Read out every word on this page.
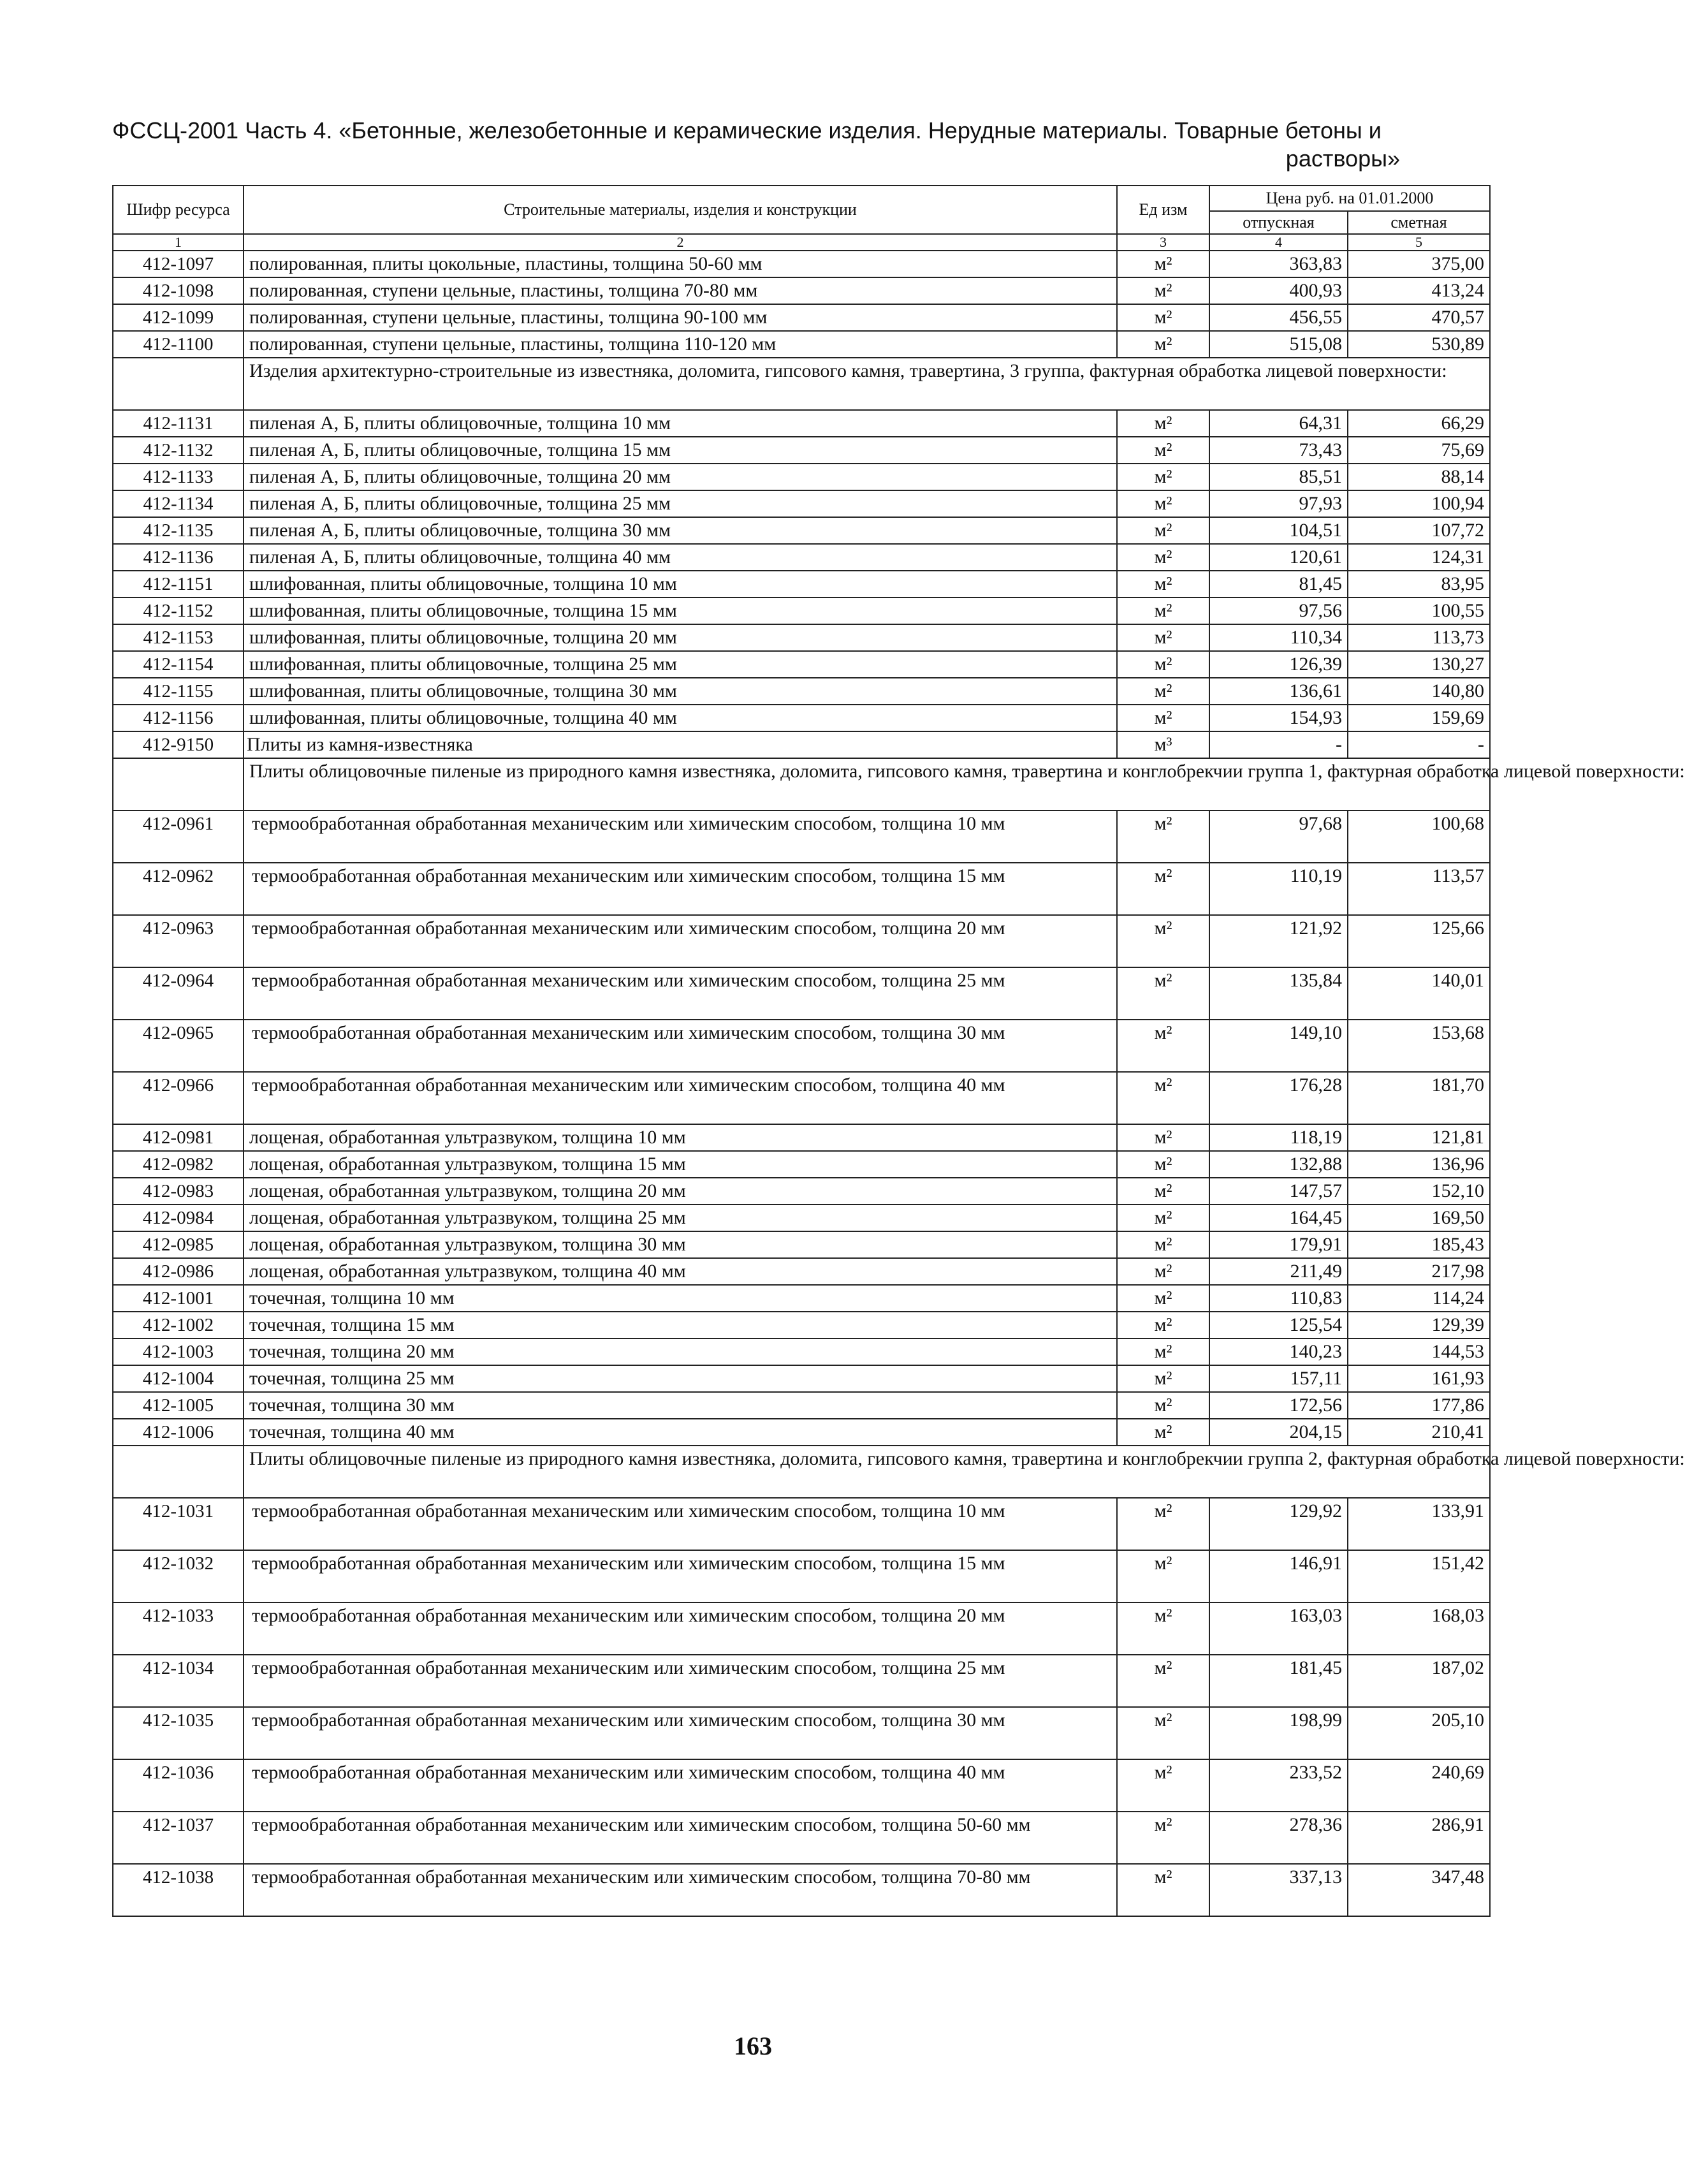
ФССЦ-2001 Часть 4. «Бетонные, железобетонные и керамические изделия. Нерудные материалы. Товарные бетоны и
растворы»
Шифр ресурса	Строительные материалы, изделия и конструкции	Ед изм	Цена руб. на 01.01.2000	
			отпускная	сметная
1	2	3	4	5
412-1097	полированная, плиты цокольные, пластины, толщина 50-60 мм	м²	363,83	375,00
412-1098	полированная, ступени цельные, пластины, толщина 70-80 мм	м²	400,93	413,24
412-1099	полированная, ступени цельные, пластины, толщина 90-100 мм	м²	456,55	470,57
412-1100	полированная, ступени цельные, пластины, толщина 110-120 мм	м²	515,08	530,89
	Изделия архитектурно-строительные из известняка, доломита, гипсового камня, травертина, 3 группа, фактурная обработка лицевой поверхности:			
412-1131	пиленая А, Б, плиты облицовочные, толщина 10 мм	м²	64,31	66,29
412-1132	пиленая А, Б, плиты облицовочные, толщина 15 мм	м²	73,43	75,69
412-1133	пиленая А, Б, плиты облицовочные, толщина 20 мм	м²	85,51	88,14
412-1134	пиленая А, Б, плиты облицовочные, толщина 25 мм	м²	97,93	100,94
412-1135	пиленая А, Б, плиты облицовочные, толщина 30 мм	м²	104,51	107,72
412-1136	пиленая А, Б, плиты облицовочные, толщина 40 мм	м²	120,61	124,31
412-1151	шлифованная, плиты облицовочные, толщина 10 мм	м²	81,45	83,95
412-1152	шлифованная, плиты облицовочные, толщина 15 мм	м²	97,56	100,55
412-1153	шлифованная, плиты облицовочные, толщина 20 мм	м²	110,34	113,73
412-1154	шлифованная, плиты облицовочные, толщина 25 мм	м²	126,39	130,27
412-1155	шлифованная, плиты облицовочные, толщина 30 мм	м²	136,61	140,80
412-1156	шлифованная, плиты облицовочные, толщина 40 мм	м²	154,93	159,69
412-9150	Плиты из камня-известняка	м³	-	-
	Плиты облицовочные пиленые из природного камня известняка, доломита, гипсового камня, травертина и конглобрекчии группа 1, фактурная обработка лицевой поверхности:			
412-0961	термообработанная обработанная механическим или химическим способом, толщина 10 мм	м²	97,68	100,68
412-0962	термообработанная обработанная механическим или химическим способом, толщина 15 мм	м²	110,19	113,57
412-0963	термообработанная обработанная механическим или химическим способом, толщина 20 мм	м²	121,92	125,66
412-0964	термообработанная обработанная механическим или химическим способом, толщина 25 мм	м²	135,84	140,01
412-0965	термообработанная обработанная механическим или химическим способом, толщина 30 мм	м²	149,10	153,68
412-0966	термообработанная обработанная механическим или химическим способом, толщина 40 мм	м²	176,28	181,70
412-0981	лощеная, обработанная ультразвуком, толщина 10 мм	м²	118,19	121,81
412-0982	лощеная, обработанная ультразвуком, толщина 15 мм	м²	132,88	136,96
412-0983	лощеная, обработанная ультразвуком, толщина 20 мм	м²	147,57	152,10
412-0984	лощеная, обработанная ультразвуком, толщина 25 мм	м²	164,45	169,50
412-0985	лощеная, обработанная ультразвуком, толщина 30 мм	м²	179,91	185,43
412-0986	лощеная, обработанная ультразвуком, толщина 40 мм	м²	211,49	217,98
412-1001	точечная, толщина 10 мм	м²	110,83	114,24
412-1002	точечная, толщина 15 мм	м²	125,54	129,39
412-1003	точечная, толщина 20 мм	м²	140,23	144,53
412-1004	точечная, толщина 25 мм	м²	157,11	161,93
412-1005	точечная, толщина 30 мм	м²	172,56	177,86
412-1006	точечная, толщина 40 мм	м²	204,15	210,41
	Плиты облицовочные пиленые из природного камня известняка, доломита, гипсового камня, травертина и конглобрекчии группа 2, фактурная обработка лицевой поверхности:			
412-1031	термообработанная обработанная механическим или химическим способом, толщина 10 мм	м²	129,92	133,91
412-1032	термообработанная обработанная механическим или химическим способом, толщина 15 мм	м²	146,91	151,42
412-1033	термообработанная обработанная механическим или химическим способом, толщина 20 мм	м²	163,03	168,03
412-1034	термообработанная обработанная механическим или химическим способом, толщина 25 мм	м²	181,45	187,02
412-1035	термообработанная обработанная механическим или химическим способом, толщина 30 мм	м²	198,99	205,10
412-1036	термообработанная обработанная механическим или химическим способом, толщина 40 мм	м²	233,52	240,69
412-1037	термообработанная обработанная механическим или химическим способом, толщина 50-60 мм	м²	278,36	286,91
412-1038	термообработанная обработанная механическим или химическим способом, толщина 70-80 мм	м²	337,13	347,48
163
